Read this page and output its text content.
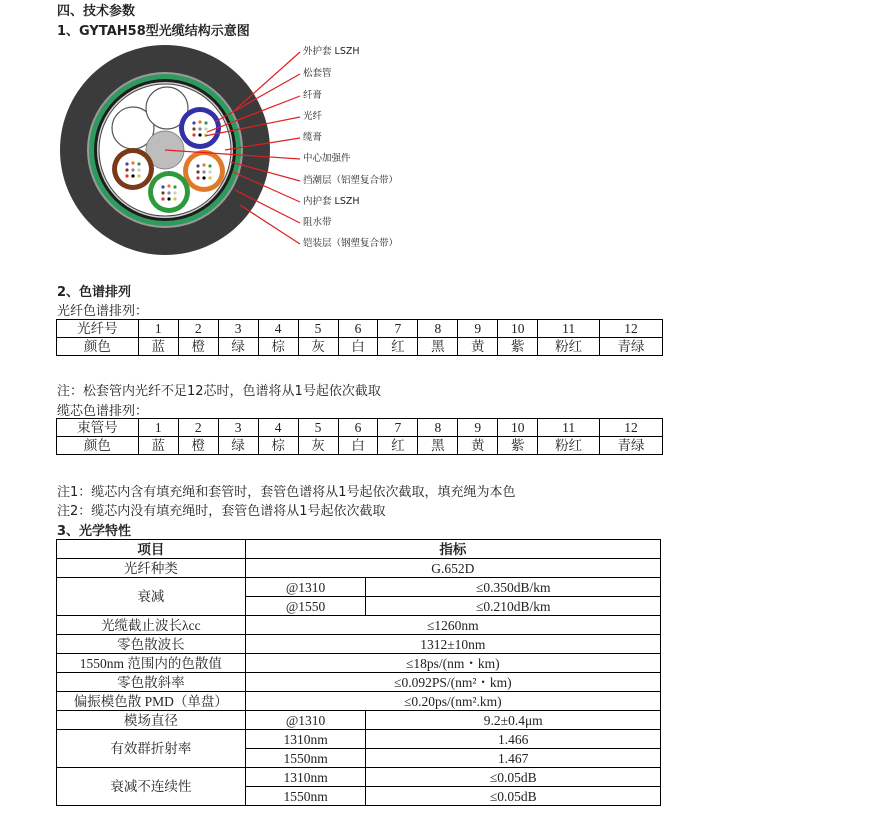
四、技术参数
1、GYTAH58型光缆结构示意图
外护套 LSZH
松套管
纤膏
光纤
缆膏
中心加强件
挡潮层（铝塑复合带）
内护套 LSZH
阻水带
铠装层（钢塑复合带）
2、色谱排列
光纤色谱排列：
光纤号	1	2	3	4	5	6	7	8	9	10	11	12
颜色	蓝	橙	绿	棕	灰	白	红	黑	黄	紫	粉红	青绿
注：松套管内光纤不足12芯时，色谱将从1号起依次截取
缆芯色谱排列：
束管号	1	2	3	4	5	6	7	8	9	10	11	12
颜色	蓝	橙	绿	棕	灰	白	红	黑	黄	紫	粉红	青绿
注1：缆芯内含有填充绳和套管时，套管色谱将从1号起依次截取，填充绳为本色
注2：缆芯内没有填充绳时，套管色谱将从1号起依次截取
3、光学特性
项目	指标	
光纤种类	G.652D	
衰减	@1310	≤0.350dB/km
	@1550	≤0.210dB/km
光缆截止波长λcc	≤1260nm	
零色散波长	1312±10nm	
1550nm 范围内的色散值	≤18ps/(nm・km)	
零色散斜率	≤0.092PS/(nm²・km)	
偏振模色散 PMD（单盘）	≤0.20ps/(nm².km)	
模场直径	@1310	9.2±0.4μm
有效群折射率	1310nm	1.466
	1550nm	1.467
衰减不连续性	1310nm	≤0.05dB
	1550nm	≤0.05dB
